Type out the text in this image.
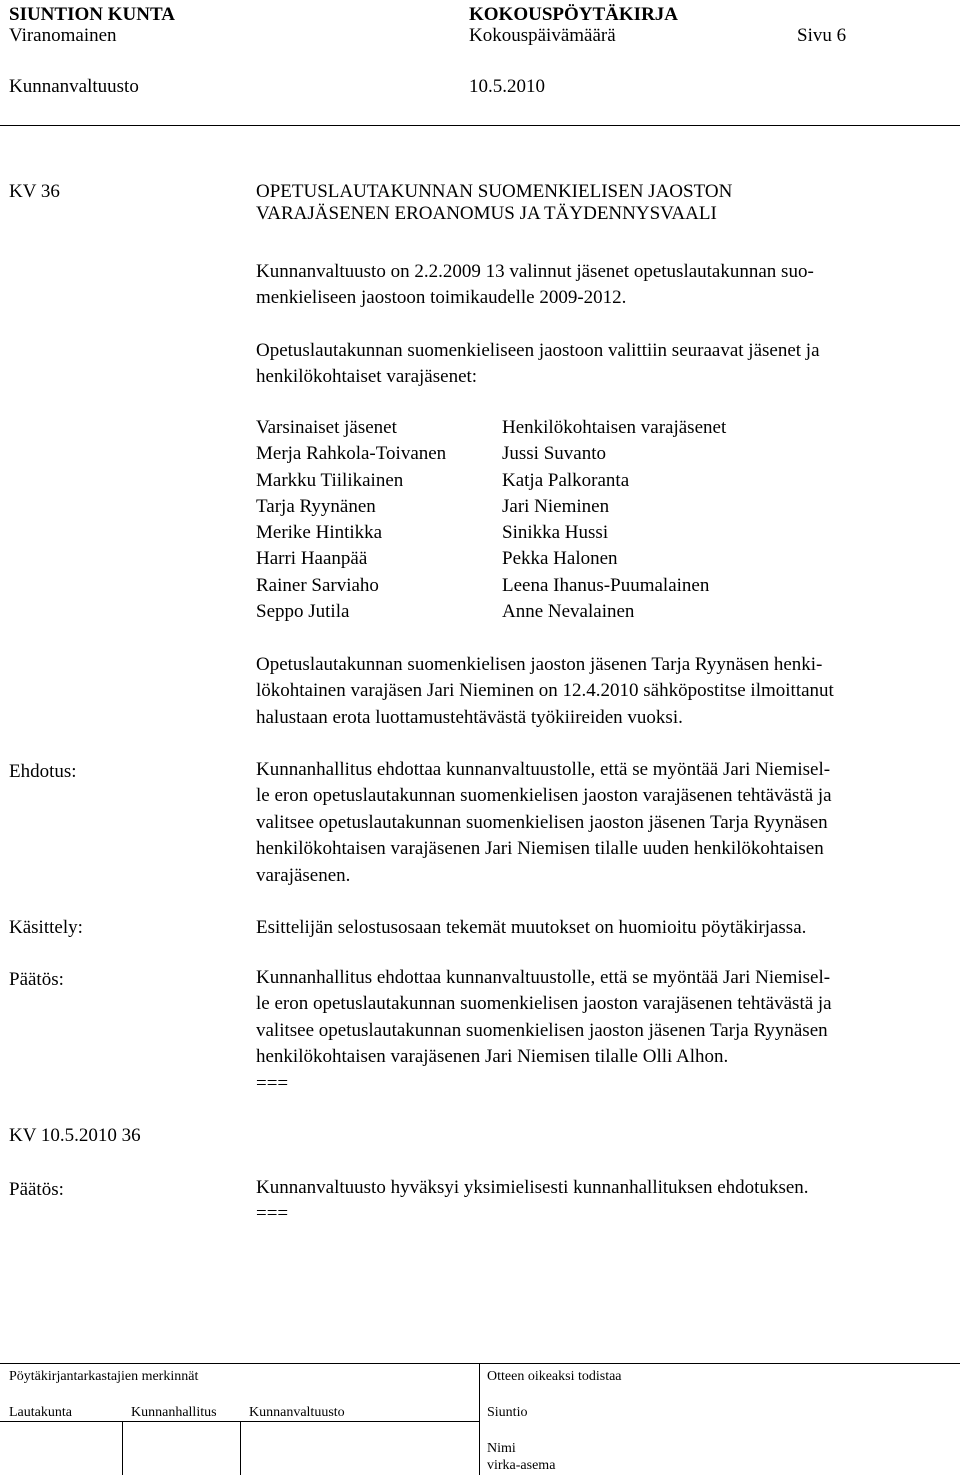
SIUNTION KUNTA	KOKOUSPÖYTÄKIRJA
Viranomainen	Kokouspäivämäärä	Sivu 6
Kunnanvaltuusto	10.5.2010
KV 36	OPETUSLAUTAKUNNAN SUOMENKIELISEN JAOSTON
VARAJÄSENEN EROANOMUS JA TÄYDENNYSVAALI
Kunnanvaltuusto on 2.2.2009 13 valinnut jäsenet opetuslautakunnan suo-
menkieliseen jaostoon toimikaudelle 2009-2012.
Opetuslautakunnan suomenkieliseen jaostoon valittiin seuraavat jäsenet ja
henkilökohtaiset varajäsenet:
Varsinaiset jäsenet	Henkilökohtaisen varajäsenet
Merja Rahkola-Toivanen	Jussi Suvanto
Markku Tiilikainen	Katja Palkoranta
Tarja Ryynänen	Jari Nieminen
Merike Hintikka	Sinikka Hussi
Harri Haanpää	Pekka Halonen
Rainer Sarviaho	Leena Ihanus-Puumalainen
Seppo Jutila	Anne Nevalainen
Opetuslautakunnan suomenkielisen jaoston jäsenen Tarja Ryynäsen henki-
lökohtainen varajäsen Jari Nieminen on 12.4.2010 sähköpostitse ilmoittanut
halustaan erota luottamustehtävästä työkiireiden vuoksi.
Ehdotus:	Kunnanhallitus ehdottaa kunnanvaltuustolle, että se myöntää Jari Niemisel-
le eron opetuslautakunnan suomenkielisen jaoston varajäsenen tehtävästä ja
valitsee opetuslautakunnan suomenkielisen jaoston jäsenen Tarja Ryynäsen
henkilökohtaisen varajäsenen Jari Niemisen tilalle uuden henkilökohtaisen
varajäsenen.
Käsittely:	Esittelijän selostusosaan tekemät muutokset on huomioitu pöytäkirjassa.
Päätös:	Kunnanhallitus ehdottaa kunnanvaltuustolle, että se myöntää Jari Niemisel-
le eron opetuslautakunnan suomenkielisen jaoston varajäsenen tehtävästä ja
valitsee opetuslautakunnan suomenkielisen jaoston jäsenen Tarja Ryynäsen
henkilökohtaisen varajäsenen Jari Niemisen tilalle Olli Alhon.
===
KV 10.5.2010 36
Päätös:	Kunnanvaltuusto hyväksyi yksimielisesti kunnanhallituksen ehdotuksen.
===
Pöytäkirjantarkastajien merkinnät	Otteen oikeaksi todistaa
Lautakunta	Kunnanhallitus Kunnanvaltuusto	Siuntio
Nimi
virka-asema
